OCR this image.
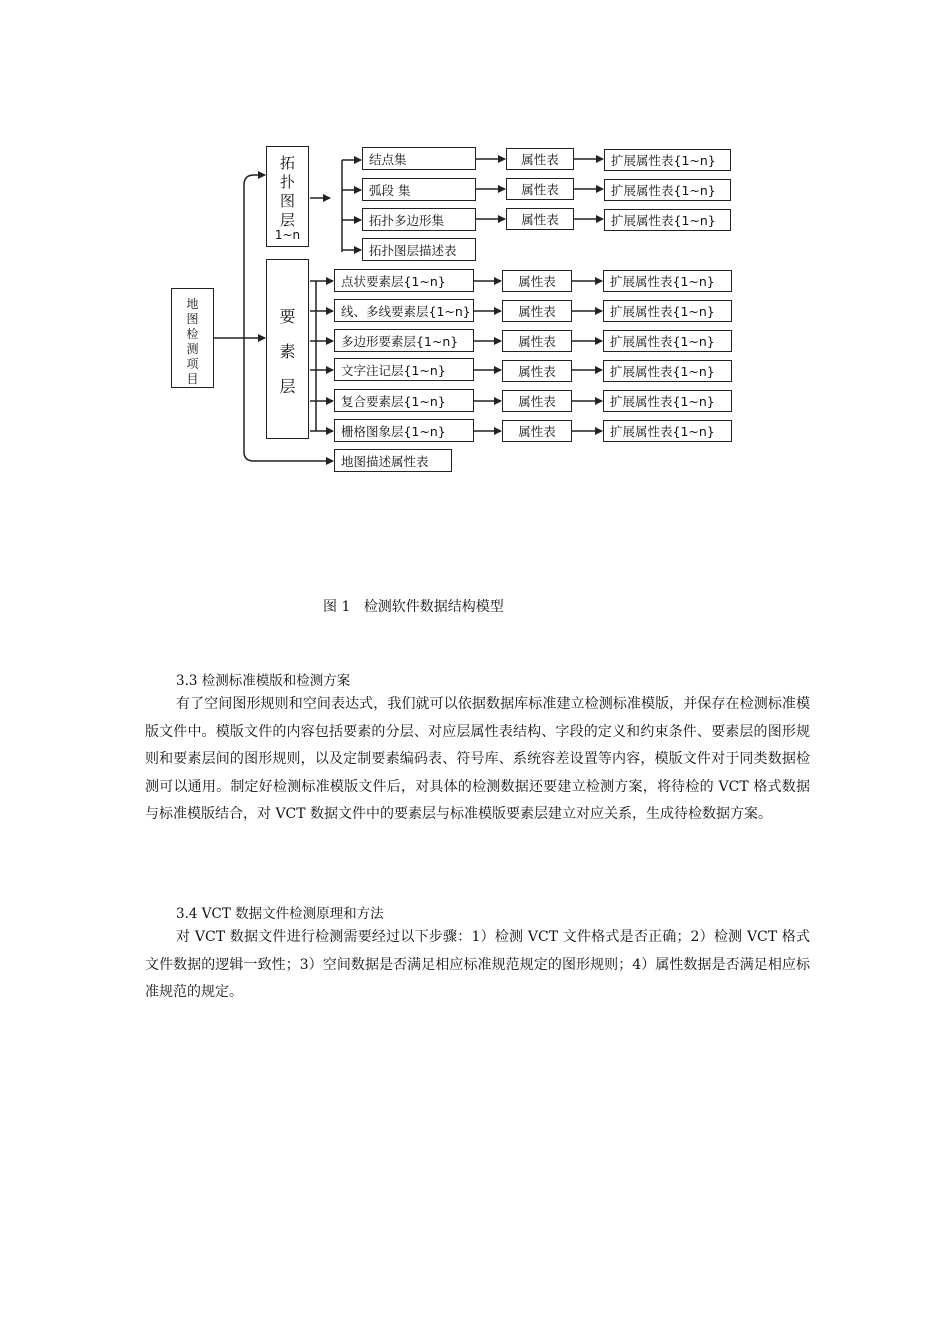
地
图
检
测
项
目
拓
扑
图
层
1~n
要
素
层
结点集
弧段 集
拓扑多边形集
拓扑图层描述表
属性表
属性表
属性表
扩展属性表{1~n}
扩展属性表{1~n}
扩展属性表{1~n}
点状要素层{1~n}
线、多线要素层{1~n}
多边形要素层{1~n}
文字注记层{1~n}
复合要素层{1~n}
栅格图象层{1~n}
属性表
属性表
属性表
属性表
属性表
属性表
扩展属性表{1~n}
扩展属性表{1~n}
扩展属性表{1~n}
扩展属性表{1~n}
扩展属性表{1~n}
扩展属性表{1~n}
地图描述属性表
图 1   检测软件数据结构模型
3.3 检测标准模版和检测方案

有了空间图形规则和空间表达式，我们就可以依据数据库标准建立检测标准模版，并保存在检测标准模版文件中。模版文件的内容包括要素的分层、对应层属性表结构、字段的定义和约束条件、要素层的图形规则和要素层间的图形规则，以及定制要素编码表、符号库、系统容差设置等内容，模版文件对于同类数据检测可以通用。制定好检测标准模版文件后，对具体的检测数据还要建立检测方案，将待检的 VCT 格式数据与标准模版结合，对 VCT 数据文件中的要素层与标准模版要素层建立对应关系，生成待检数据方案。

3.4 VCT 数据文件检测原理和方法

对 VCT 数据文件进行检测需要经过以下步骤：1）检测 VCT 文件格式是否正确；2）检测 VCT 格式文件数据的逻辑一致性；3）空间数据是否满足相应标准规范规定的图形规则；4）属性数据是否满足相应标准规范的规定。
